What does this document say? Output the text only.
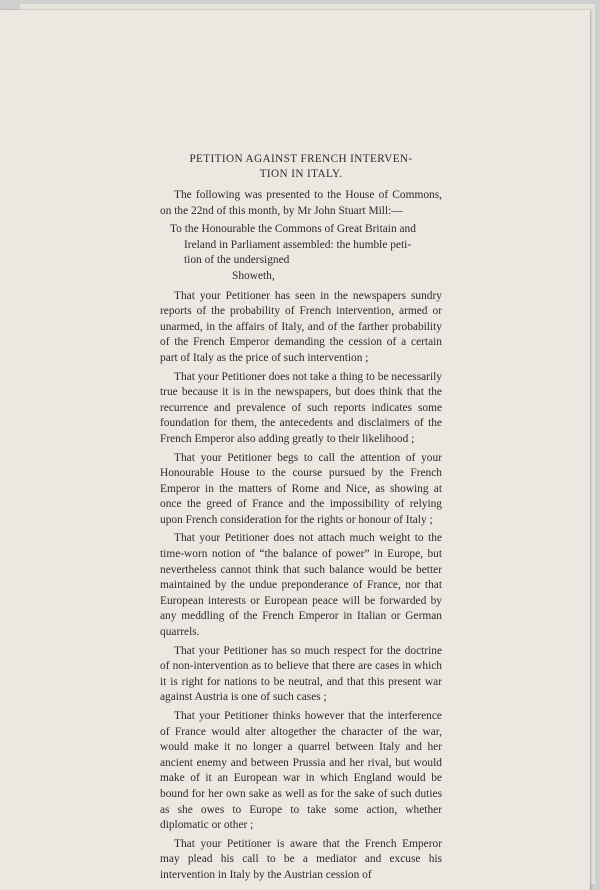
PETITION AGAINST FRENCH INTERVEN-
TION IN ITALY.

The following was presented to the House of Commons, on the 22nd of this month, by Mr John Stuart Mill:—

To the Honourable the Commons of Great Britain and
Ireland in Parliament assembled: the humble peti-
tion of the undersigned

Showeth,

That your Petitioner has seen in the newspapers sundry reports of the probability of French intervention, armed or unarmed, in the affairs of Italy, and of the farther probability of the French Emperor demanding the cession of a certain part of Italy as the price of such intervention ;

That your Petitioner does not take a thing to be necessarily true because it is in the newspapers, but does think that the recurrence and prevalence of such reports indicates some foundation for them, the antecedents and disclaimers of the French Emperor also adding greatly to their likelihood ;

That your Petitioner begs to call the attention of your Honourable House to the course pursued by the French Emperor in the matters of Rome and Nice, as showing at once the greed of France and the impossibility of relying upon French consideration for the rights or honour of Italy ;

That your Petitioner does not attach much weight to the time-worn notion of “the balance of power” in Europe, but nevertheless cannot think that such balance would be better maintained by the undue preponderance of France, nor that European interests or European peace will be forwarded by any meddling of the French Emperor in Italian or German quarrels.

That your Petitioner has so much respect for the doctrine of non-intervention as to believe that there are cases in which it is right for nations to be neutral, and that this present war against Austria is one of such cases ;

That your Petitioner thinks however that the interference of France would alter altogether the character of the war, would make it no longer a quarrel between Italy and her ancient enemy and between Prussia and her rival, but would make of it an European war in which England would be bound for her own sake as well as for the sake of such duties as she owes to Europe to take some action, whether diplomatic or other ;

That your Petitioner is aware that the French Emperor may plead his call to be a mediator and excuse his intervention in Italy by the Austrian cession of
